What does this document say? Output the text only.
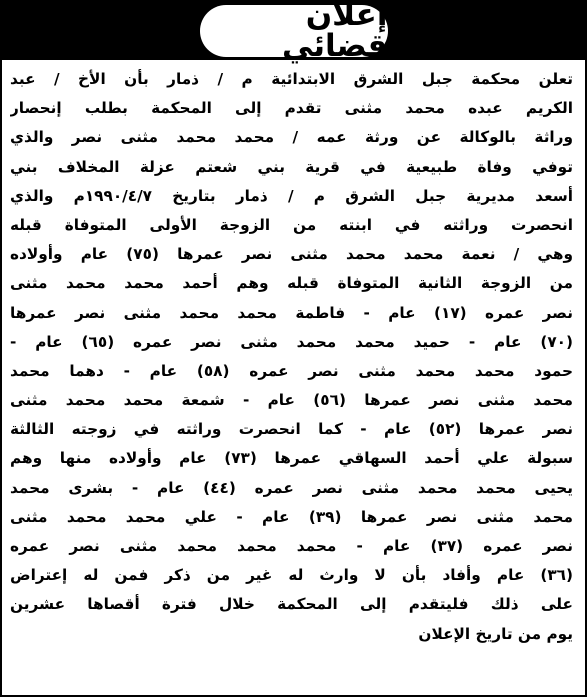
إعلان قضائي
تعلن محكمة جبل الشرق الابتدائية م / ذمار بأن الأخ / عبد
الكريم عبده محمد مثنى تقدم إلى المحكمة بطلب إنحصار
وراثة بالوكالة عن ورثة عمه / محمد محمد مثنى نصر والذي
توفي وفاة طبيعية في قرية بني شعتم عزلة المخلاف بني
أسعد مديرية جبل الشرق م / ذمار بتاريخ ١٩٩٠/٤/٧م والذي
انحصرت وراثته في ابنته من الزوجة الأولى المتوفاة قبله
وهي / نعمة محمد محمد مثنى نصر عمرها (٧٥) عام وأولاده
من الزوجة الثانية المتوفاة قبله وهم أحمد محمد محمد مثنى
نصر عمره (١٧) عام - فاطمة محمد محمد مثنى نصر عمرها
(٧٠) عام - حميد محمد محمد مثنى نصر عمره (٦٥) عام -
حمود محمد محمد مثنى نصر عمره (٥٨) عام - دهما محمد
محمد مثنى نصر عمرها (٥٦) عام - شمعة محمد محمد مثنى
نصر عمرها (٥٢) عام - كما انحصرت وراثته في زوجته الثالثة
سبولة علي أحمد السهاقي عمرها (٧٣) عام وأولاده منها وهم
يحيى محمد محمد مثنى نصر عمره (٤٤) عام - بشرى محمد
محمد مثنى نصر عمرها (٣٩) عام - علي محمد محمد مثنى
نصر عمره (٣٧) عام - محمد محمد محمد مثنى نصر عمره
(٣٦) عام وأفاد بأن لا وارث له غير من ذكر فمن له إعتراض
على ذلك فليتقدم إلى المحكمة خلال فترة أقصاها عشرين
يوم من تاريخ الإعلان
